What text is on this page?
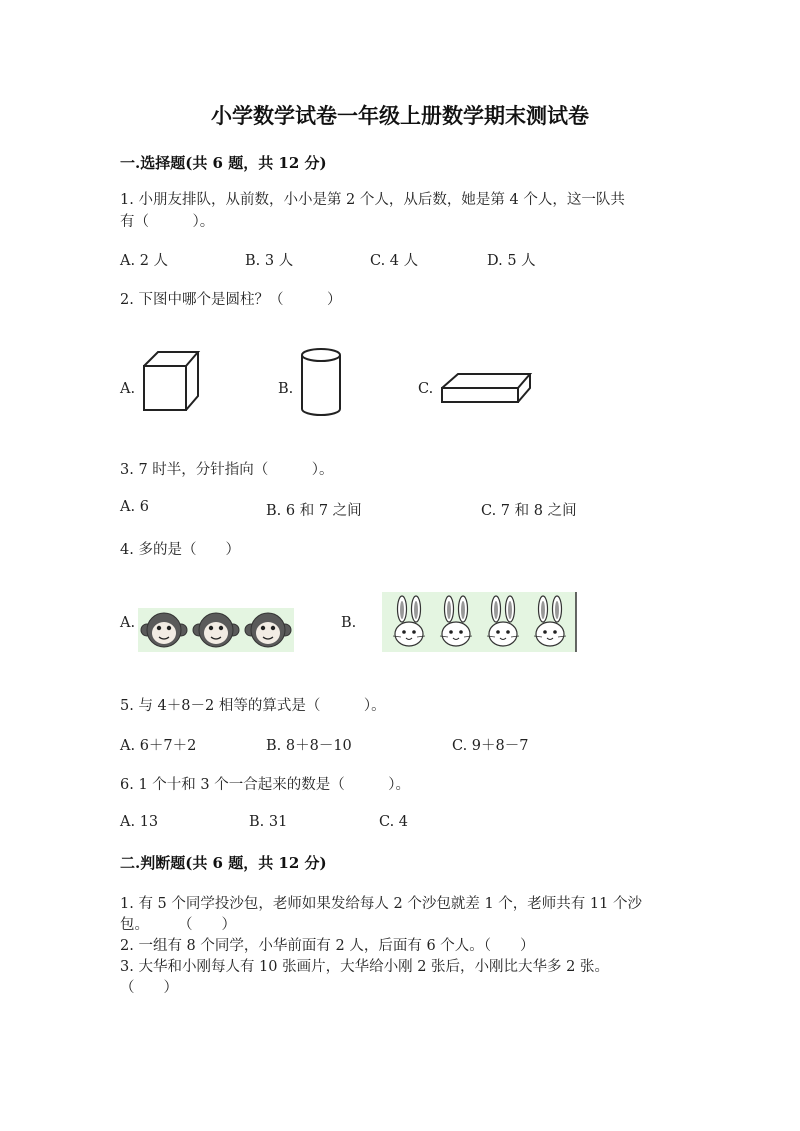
小学数学试卷一年级上册数学期末测试卷
一.选择题(共 6 题，共 12 分)
1. 小朋友排队，从前数，小小是第 2 个人，从后数，她是第 4 个人，这一队共
有（　　　）。
A. 2 人	B. 3 人	C. 4 人	D. 5 人
2. 下图中哪个是圆柱？（　　　）
A.	B.	C.
3. 7 时半，分针指向（　　　）。
A. 6	B. 6 和 7 之间	C. 7 和 8 之间
4. 多的是（　　）
A.	B.
5. 与 4＋8－2 相等的算式是（　　　）。
A. 6＋7＋2	B. 8＋8－10	C. 9＋8－7
6. 1 个十和 3 个一合起来的数是（　　　）。
A. 13	B. 31	C. 4
二.判断题(共 6 题，共 12 分)
1. 有 5 个同学投沙包，老师如果发给每人 2 个沙包就差 1 个，老师共有 11 个沙
包。　　　（　　）
2. 一组有 8 个同学，小华前面有 2 人，后面有 6 个人。（　　）
3. 大华和小刚每人有 10 张画片，大华给小刚 2 张后，小刚比大华多 2 张。
（　　）
